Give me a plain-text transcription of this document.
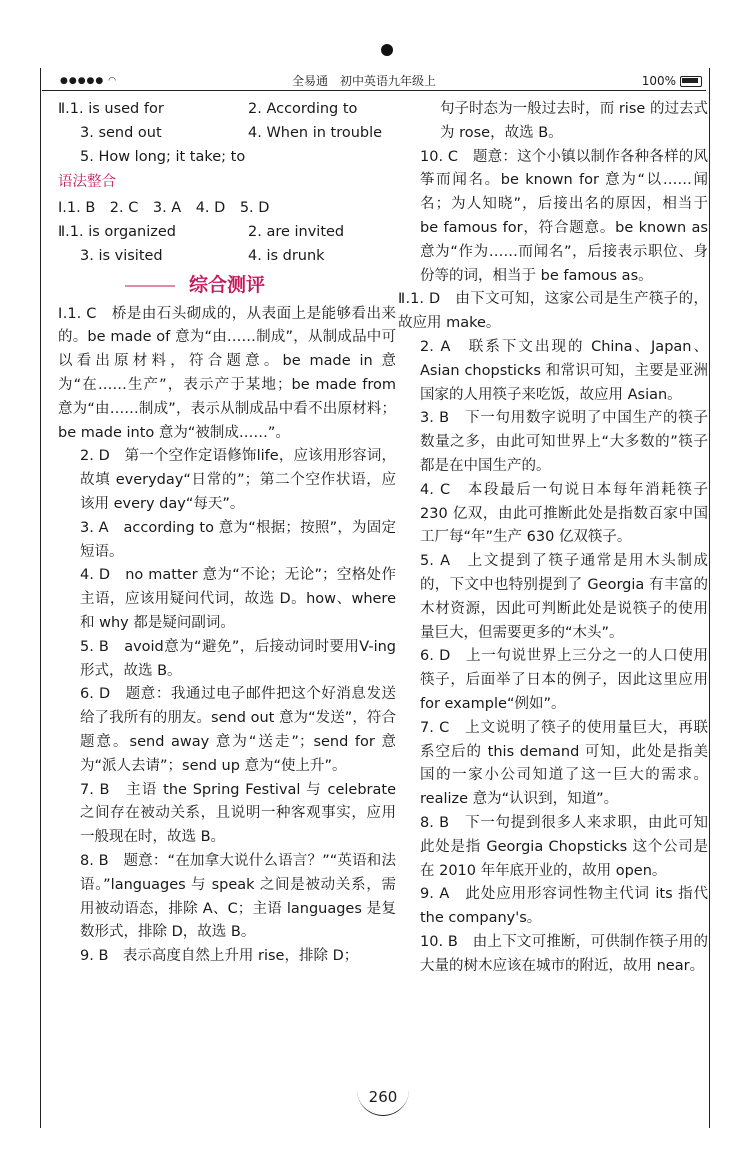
●●●●● ◠	全易通　初中英语九年级上	100%
Ⅱ.1. is used for	2. According to
3. send out	4. When in trouble
5. How long; it take; to
语法整合

Ⅰ.1. B　2. C　3. A　4. D　5. D

Ⅱ.1. is organized	2. are invited
3. is visited	4. is drunk
综合测评

Ⅰ.1. C　桥是由石头砌成的，从表面上是能够看出来的。be made of 意为“由……制成”，从制成品中可以看出原材料，符合题意。be made in 意为“在……生产”，表示产于某地；be made from 意为“由……制成”，表示从制成品中看不出原材料；be made into 意为“被制成……”。

2. D　第一个空作定语修饰life，应该用形容词，故填 everyday“日常的”；第二个空作状语，应该用 every day“每天”。

3. A　according to 意为“根据；按照”，为固定短语。

4. D　no matter 意为“不论；无论”；空格处作主语，应该用疑问代词，故选 D。how、where 和 why 都是疑问副词。

5. B　avoid意为“避免”，后接动词时要用V-ing形式，故选 B。

6. D　题意：我通过电子邮件把这个好消息发送给了我所有的朋友。send out 意为“发送”，符合题意。send away 意为“送走”；send for 意为“派人去请”；send up 意为“使上升”。

7. B　主语 the Spring Festival 与 celebrate 之间存在被动关系，且说明一种客观事实，应用一般现在时，故选 B。

8. B　题意：“在加拿大说什么语言？”“英语和法语。”languages 与 speak 之间是被动关系，需用被动语态，排除 A、C；主语 languages 是复数形式，排除 D，故选 B。

9. B　表示高度自然上升用 rise，排除 D；

句子时态为一般过去时，而 rise 的过去式为 rose，故选 B。

10. C　题意：这个小镇以制作各种各样的风筝而闻名。be known for 意为“以……闻名；为人知晓”，后接出名的原因，相当于 be famous for，符合题意。be known as 意为“作为……而闻名”，后接表示职位、身份等的词，相当于 be famous as。

Ⅱ.1. D　由下文可知，这家公司是生产筷子的，故应用 make。

2. A　联系下文出现的 China、Japan、Asian chopsticks 和常识可知，主要是亚洲国家的人用筷子来吃饭，故应用 Asian。

3. B　下一句用数字说明了中国生产的筷子数量之多，由此可知世界上“大多数的”筷子都是在中国生产的。

4. C　本段最后一句说日本每年消耗筷子230 亿双，由此可推断此处是指数百家中国工厂每“年”生产 630 亿双筷子。

5. A　上文提到了筷子通常是用木头制成的，下文中也特别提到了 Georgia 有丰富的木材资源，因此可判断此处是说筷子的使用量巨大，但需要更多的“木头”。

6. D　上一句说世界上三分之一的人口使用筷子，后面举了日本的例子，因此这里应用 for example“例如”。

7. C　上文说明了筷子的使用量巨大，再联系空后的 this demand 可知，此处是指美国的一家小公司知道了这一巨大的需求。realize 意为“认识到，知道”。

8. B　下一句提到很多人来求职，由此可知此处是指 Georgia Chopsticks 这个公司是在 2010 年年底开业的，故用 open。

9. A　此处应用形容词性物主代词 its 指代 the company's。

10. B　由上下文可推断，可供制作筷子用的大量的树木应该在城市的附近，故用 near。

260
